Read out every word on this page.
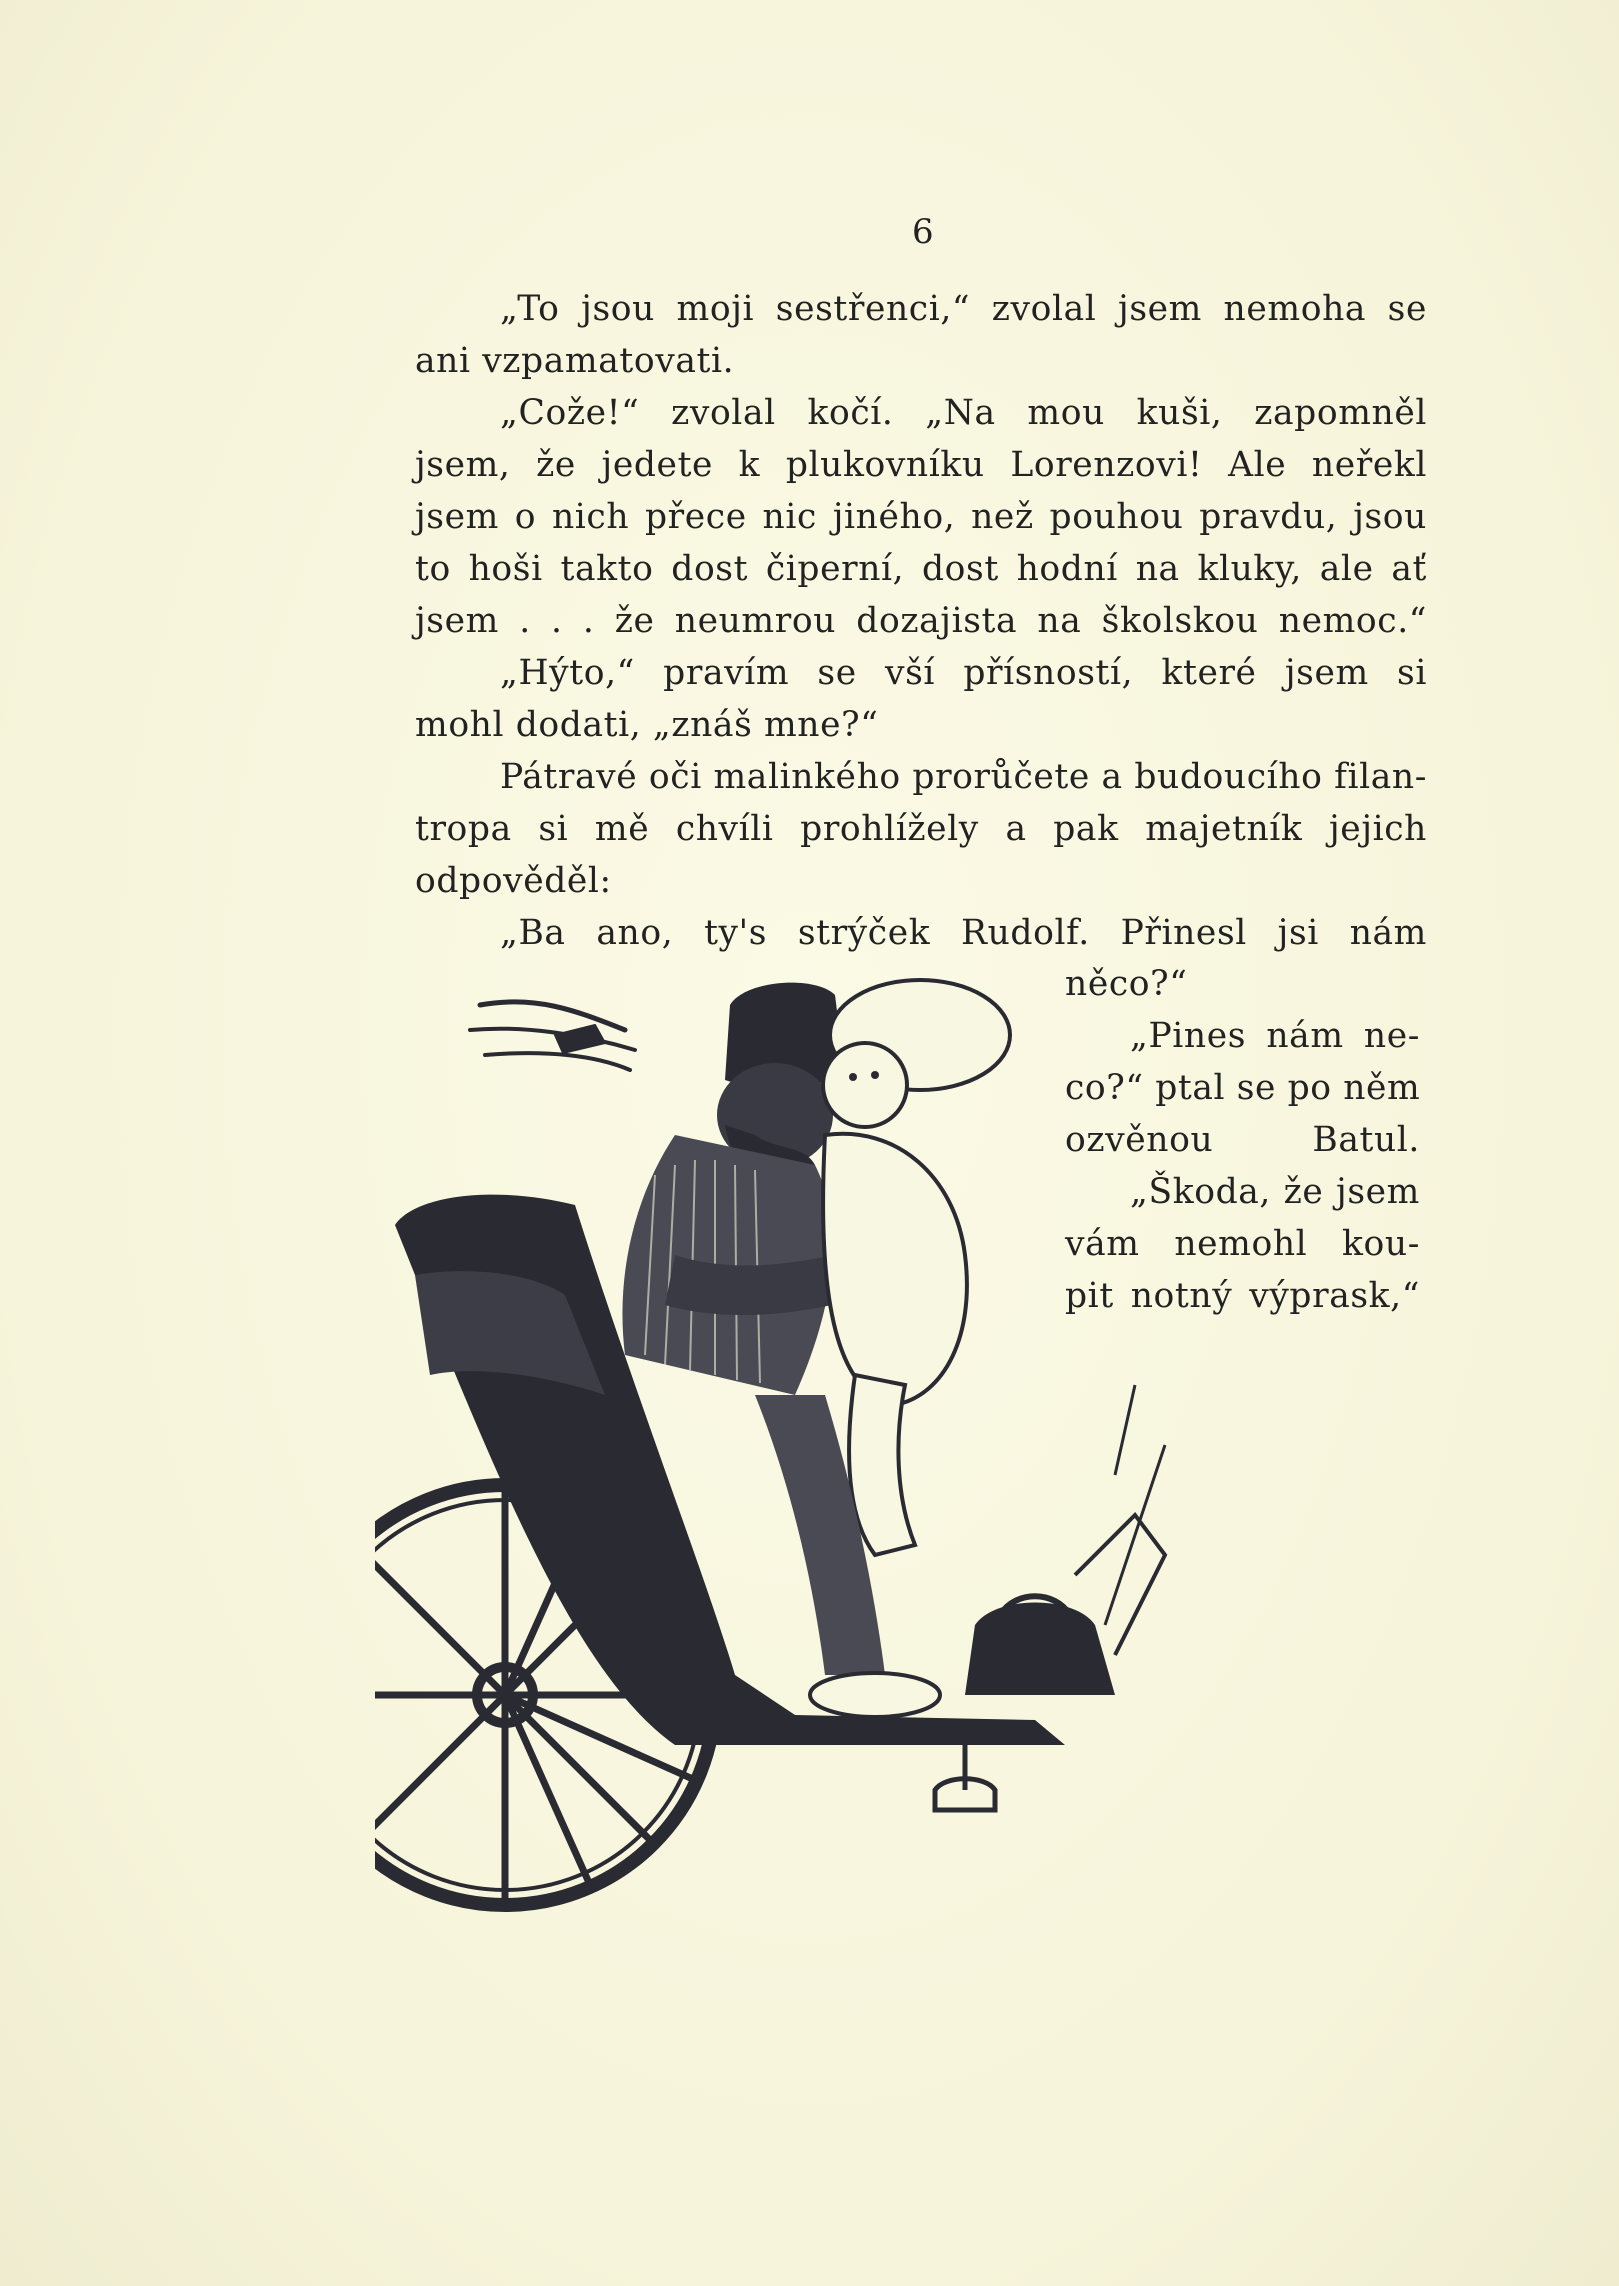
6
„To jsou moji sestřenci,“ zvolal jsem nemoha se
ani vzpamatovati.
„Cože!“ zvolal kočí. „Na mou kuši, zapomněl
jsem, že jedete k plukovníku Lorenzovi! Ale neřekl
jsem o nich přece nic jiného, než pouhou pravdu, jsou
to hoši takto dost čiperní, dost hodní na kluky, ale ať
jsem . . . že neumrou dozajista na školskou nemoc.“
„Hýto,“ pravím se vší přísností, které jsem si
mohl dodati, „znáš mne?“
Pátravé oči malinkého prorůčete a budoucího filan-
tropa si mě chvíli prohlížely a pak majetník jejich
odpověděl:
„Ba ano, ty's strýček Rudolf. Přinesl jsi nám
něco?“
„Pines nám ne-
co?“ ptal se po něm
ozvěnou Batul.
„Škoda, že jsem
vám nemohl kou-
pit notný výprask,“
